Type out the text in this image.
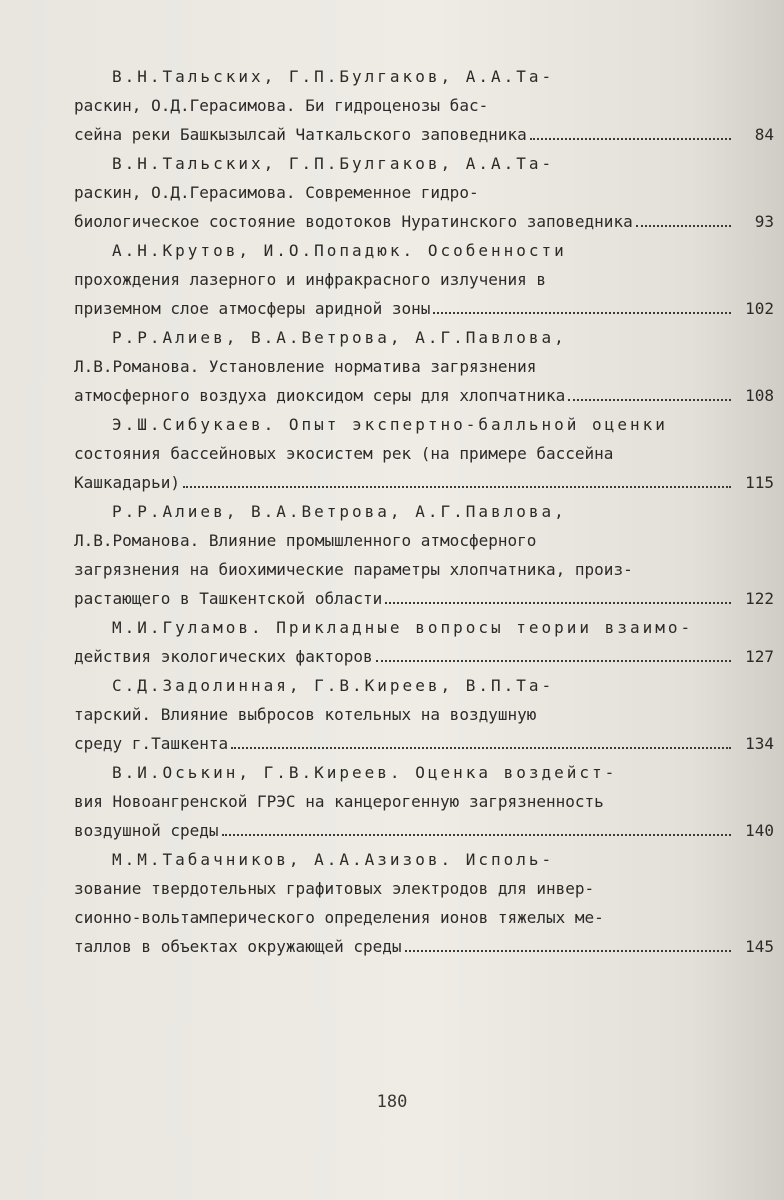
В.Н.Тальских, Г.П.Булгаков, А.А.Та-
раскин, О.Д.Герасимова. Би гидроценозы бас-
сейна реки Башкызылсай Чаткальского заповедника	84
В.Н.Тальских, Г.П.Булгаков, А.А.Та-
раскин, О.Д.Герасимова. Современное гидро-
биологическое состояние водотоков Нуратинского заповедника	93
А.Н.Крутов, И.О.Попадюк. Особенности
прохождения лазерного и инфракрасного излучения в
приземном слое атмосферы аридной зоны	102
Р.Р.Алиев, В.А.Ветрова, А.Г.Павлова,
Л.В.Романова. Установление норматива загрязнения
атмосферного воздуха диоксидом серы для хлопчатника	108
Э.Ш.Сибукаев. Опыт экспертно-балльной оценки
состояния бассейновых экосистем рек (на примере бассейна
Кашкадарьи)	115
Р.Р.Алиев, В.А.Ветрова, А.Г.Павлова,
Л.В.Романова. Влияние промышленного атмосферного
загрязнения на биохимические параметры хлопчатника, произ-
растающего в Ташкентской области	122
М.И.Гуламов. Прикладные вопросы теории взаимо-
действия экологических факторов	127
С.Д.Задолинная, Г.В.Киреев, В.П.Та-
тарский. Влияние выбросов котельных на воздушную
среду г.Ташкента	134
В.И.Оськин, Г.В.Киреев. Оценка воздейст-
вия Новоангренской ГРЭС на канцерогенную загрязненность
воздушной среды	140
М.М.Табачников, А.А.Азизов. Исполь-
зование твердотельных графитовых электродов для инвер-
сионно-вольтамперического определения ионов тяжелых ме-
таллов в объектах окружающей среды	145
180
